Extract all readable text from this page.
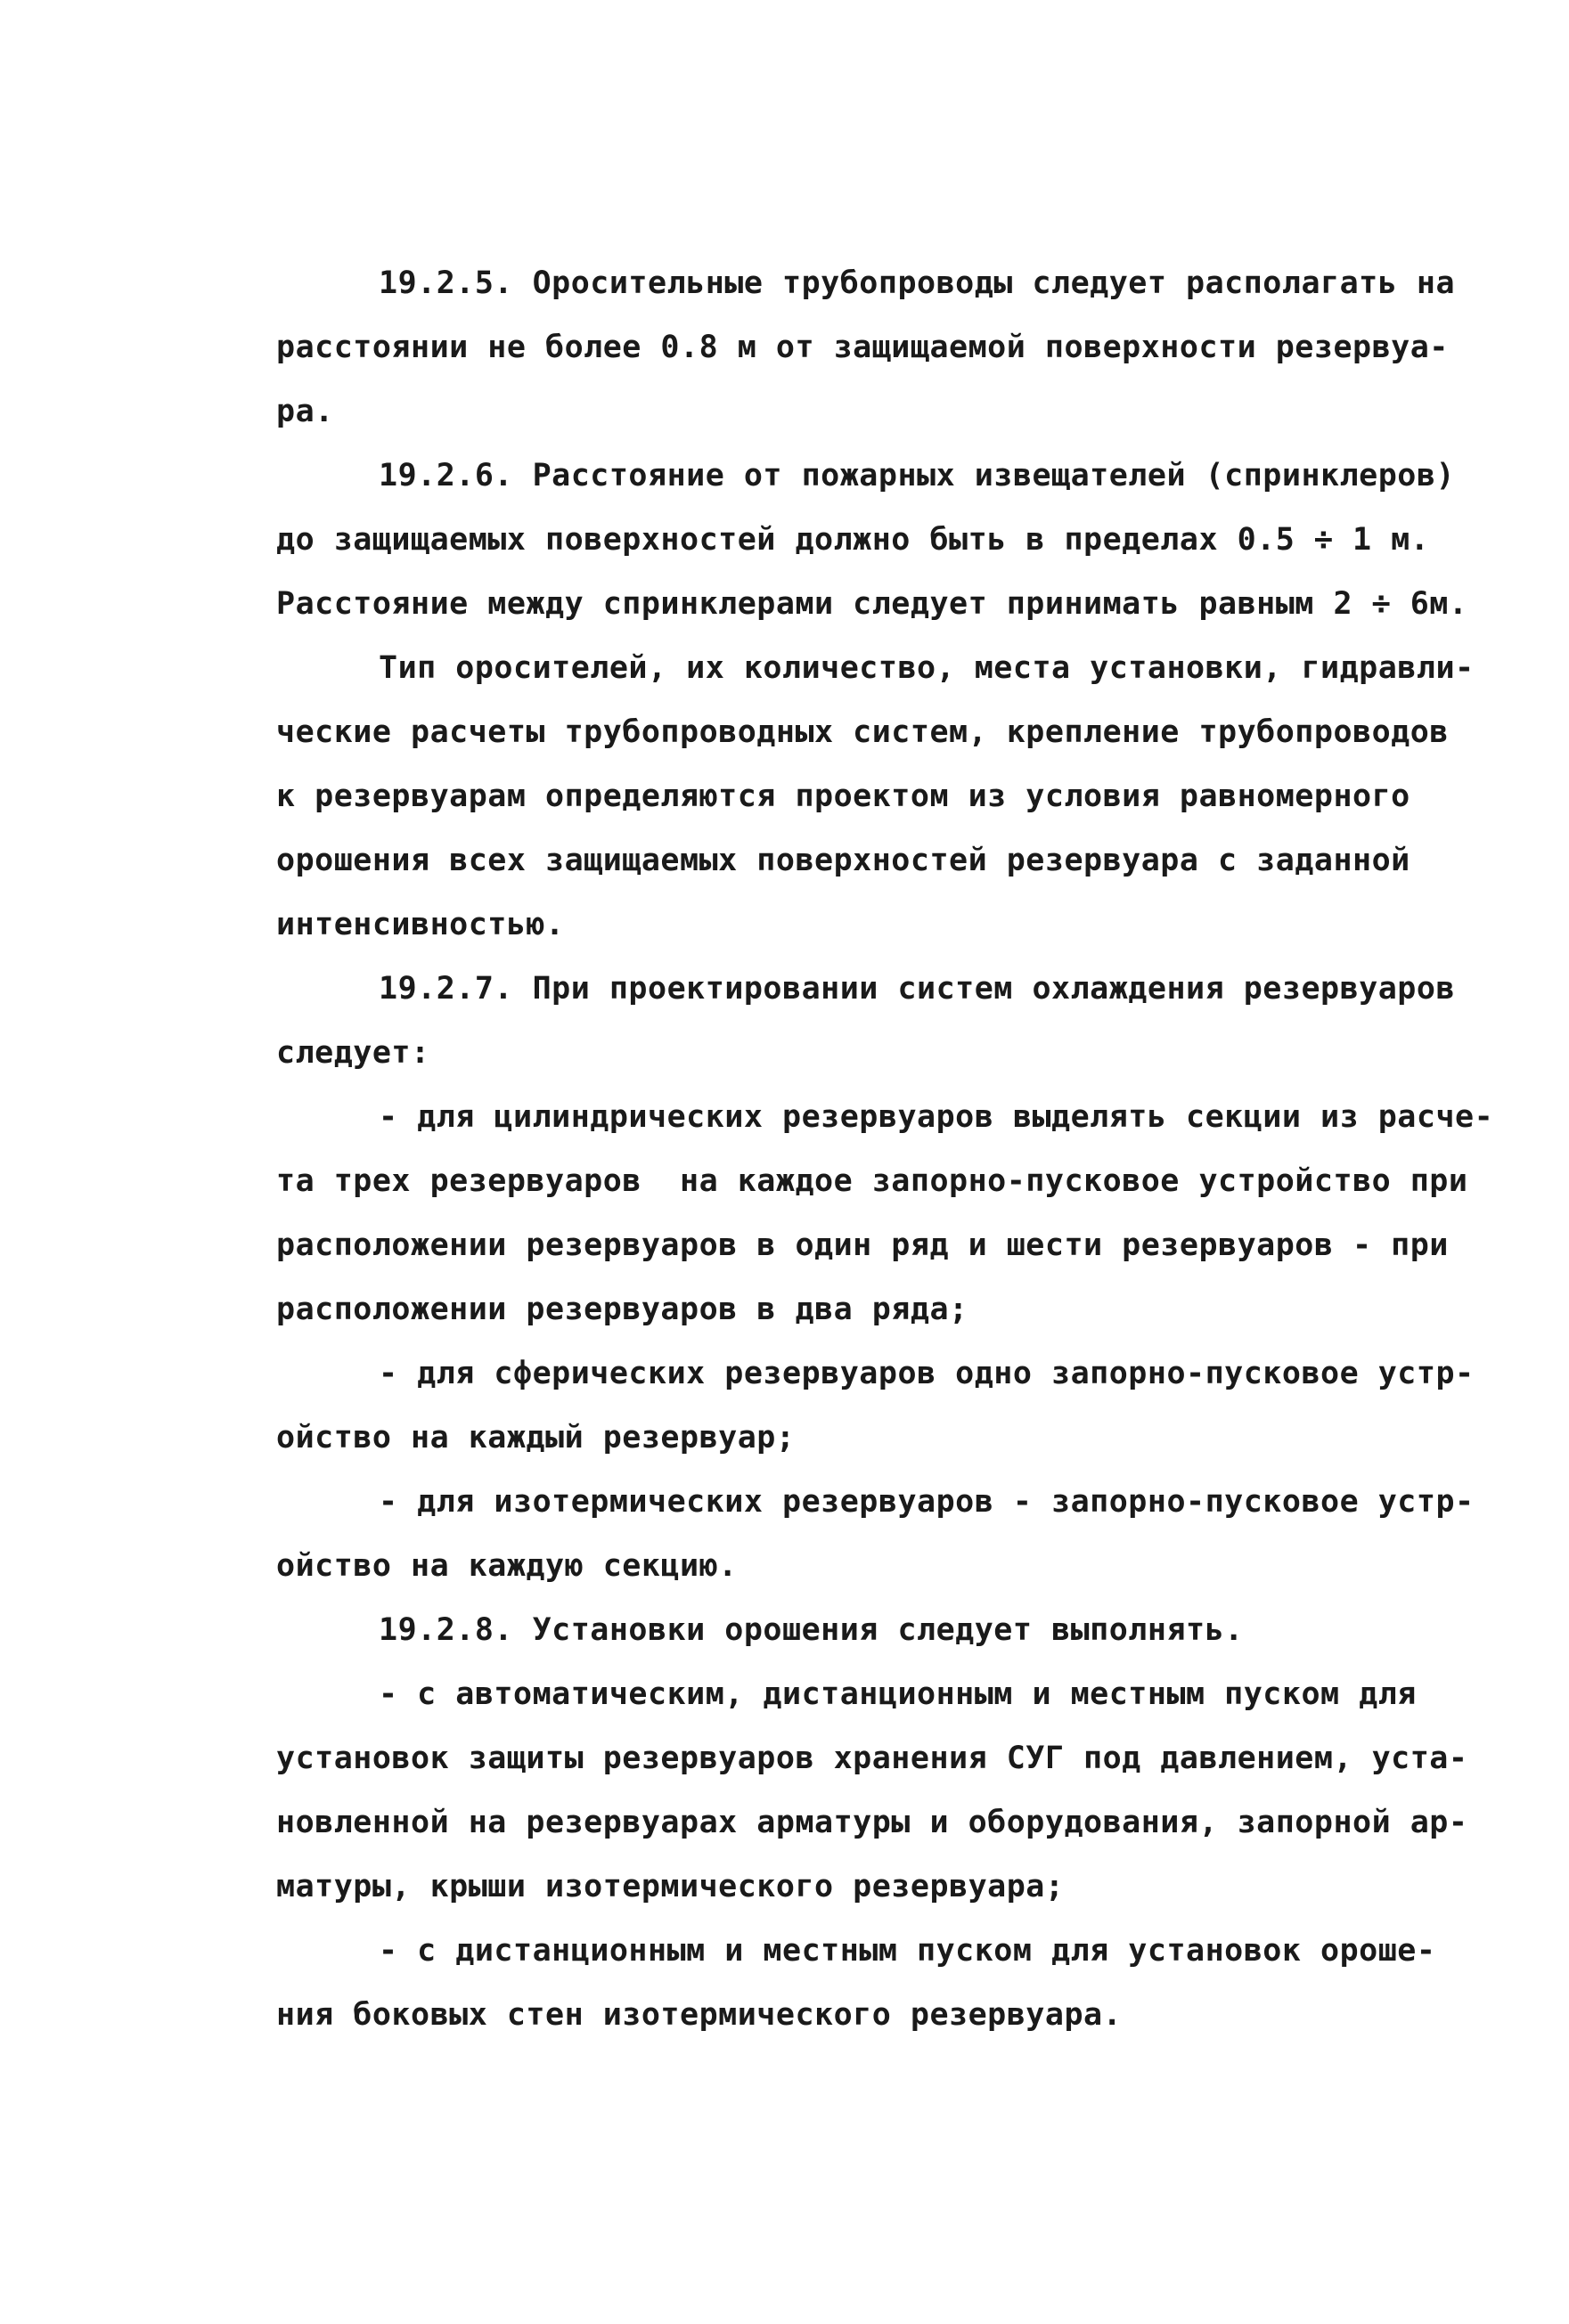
19.2.5. Оросительные трубопроводы следует располагать на
расстоянии не более 0.8 м от защищаемой поверхности резервуа-
ра.
19.2.6. Расстояние от пожарных извещателей (спринклеров)
до защищаемых поверхностей должно быть в пределах 0.5 ÷ 1 м.
Расстояние между спринклерами следует принимать равным 2 ÷ 6м.
Тип оросителей, их количество, места установки, гидравли-
ческие расчеты трубопроводных систем, крепление трубопроводов
к резервуарам определяются проектом из условия равномерного
орошения всех защищаемых поверхностей резервуара с заданной
интенсивностью.
19.2.7. При проектировании систем охлаждения резервуаров
следует:
- для цилиндрических резервуаров выделять секции из расче-
та трех резервуаров  на каждое запорно-пусковое устройство при
расположении резервуаров в один ряд и шести резервуаров - при
расположении резервуаров в два ряда;
- для сферических резервуаров одно запорно-пусковое устр-
ойство на каждый резервуар;
- для изотермических резервуаров - запорно-пусковое устр-
ойство на каждую секцию.
19.2.8. Установки орошения следует выполнять.
- с автоматическим, дистанционным и местным пуском для
установок защиты резервуаров хранения СУГ под давлением, уста-
новленной на резервуарах арматуры и оборудования, запорной ар-
матуры, крыши изотермического резервуара;
- с дистанционным и местным пуском для установок ороше-
ния боковых стен изотермического резервуара.
